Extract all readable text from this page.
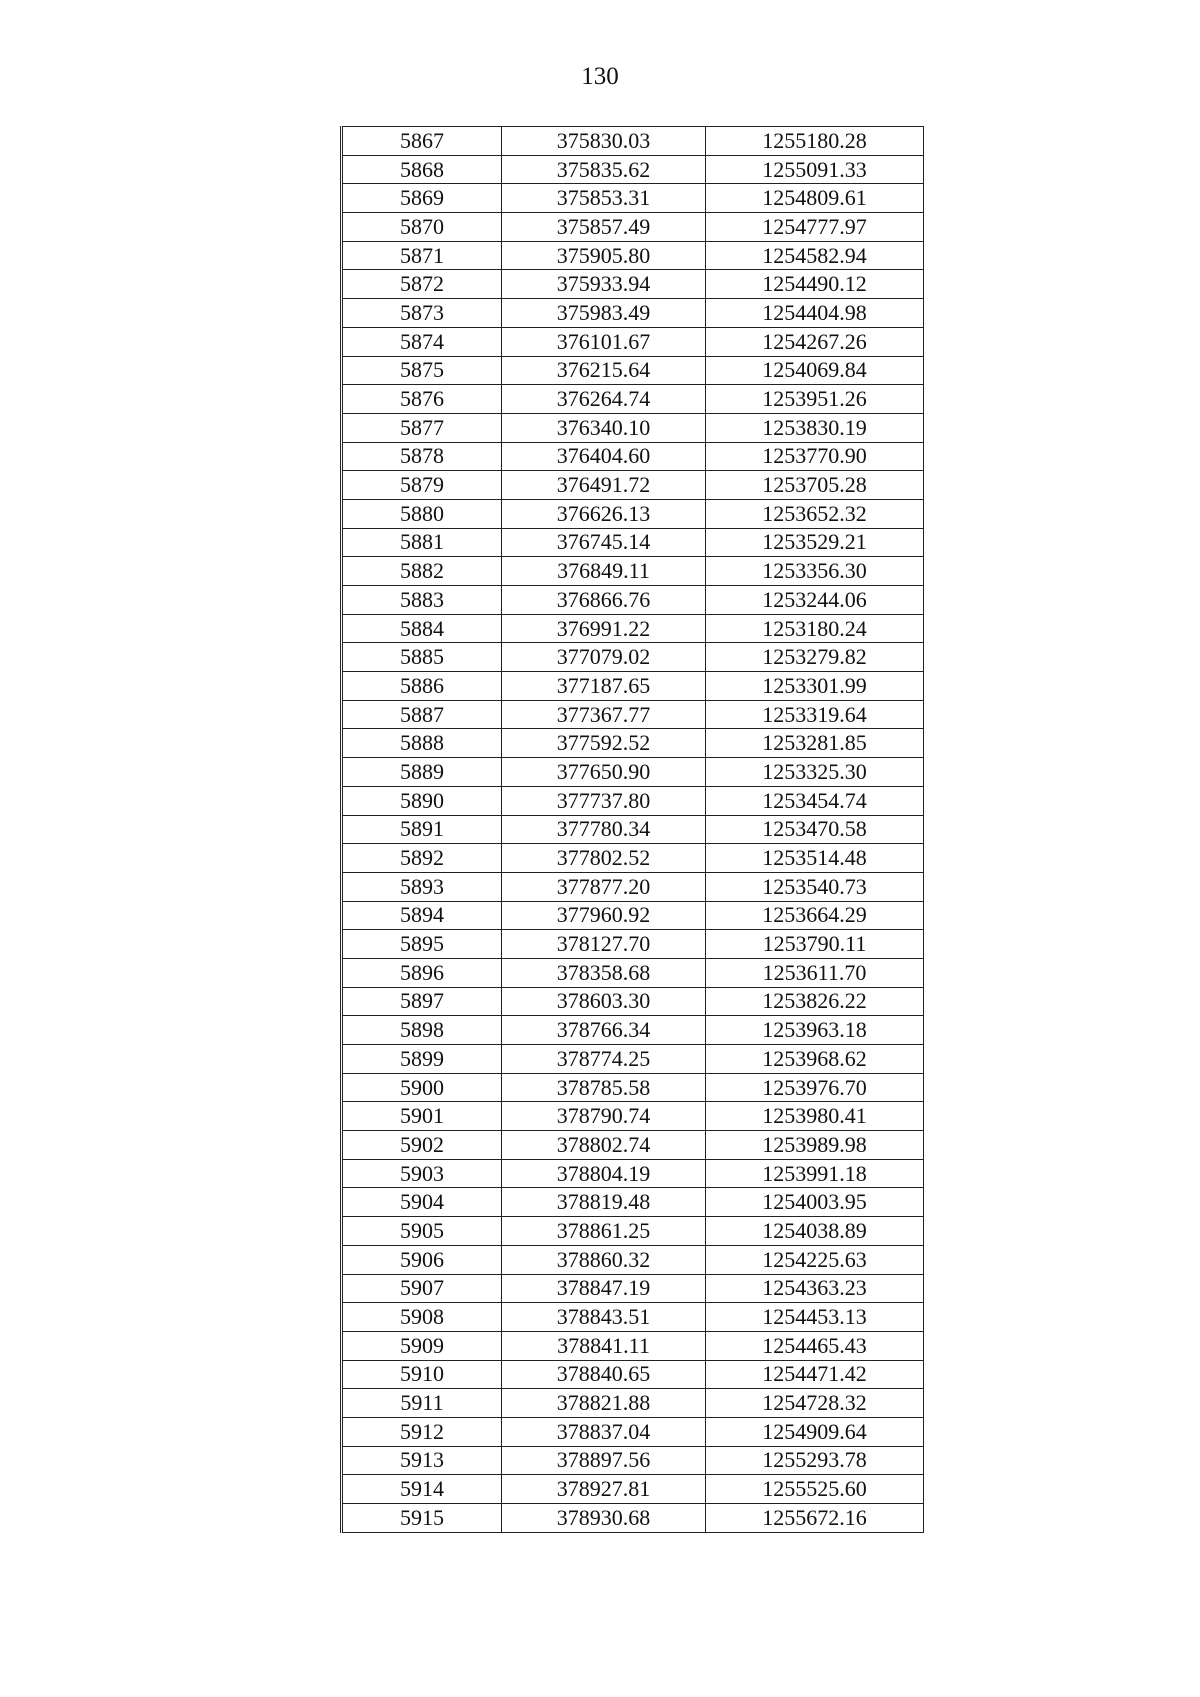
130
5867	375830.03	1255180.28
5868	375835.62	1255091.33
5869	375853.31	1254809.61
5870	375857.49	1254777.97
5871	375905.80	1254582.94
5872	375933.94	1254490.12
5873	375983.49	1254404.98
5874	376101.67	1254267.26
5875	376215.64	1254069.84
5876	376264.74	1253951.26
5877	376340.10	1253830.19
5878	376404.60	1253770.90
5879	376491.72	1253705.28
5880	376626.13	1253652.32
5881	376745.14	1253529.21
5882	376849.11	1253356.30
5883	376866.76	1253244.06
5884	376991.22	1253180.24
5885	377079.02	1253279.82
5886	377187.65	1253301.99
5887	377367.77	1253319.64
5888	377592.52	1253281.85
5889	377650.90	1253325.30
5890	377737.80	1253454.74
5891	377780.34	1253470.58
5892	377802.52	1253514.48
5893	377877.20	1253540.73
5894	377960.92	1253664.29
5895	378127.70	1253790.11
5896	378358.68	1253611.70
5897	378603.30	1253826.22
5898	378766.34	1253963.18
5899	378774.25	1253968.62
5900	378785.58	1253976.70
5901	378790.74	1253980.41
5902	378802.74	1253989.98
5903	378804.19	1253991.18
5904	378819.48	1254003.95
5905	378861.25	1254038.89
5906	378860.32	1254225.63
5907	378847.19	1254363.23
5908	378843.51	1254453.13
5909	378841.11	1254465.43
5910	378840.65	1254471.42
5911	378821.88	1254728.32
5912	378837.04	1254909.64
5913	378897.56	1255293.78
5914	378927.81	1255525.60
5915	378930.68	1255672.16
